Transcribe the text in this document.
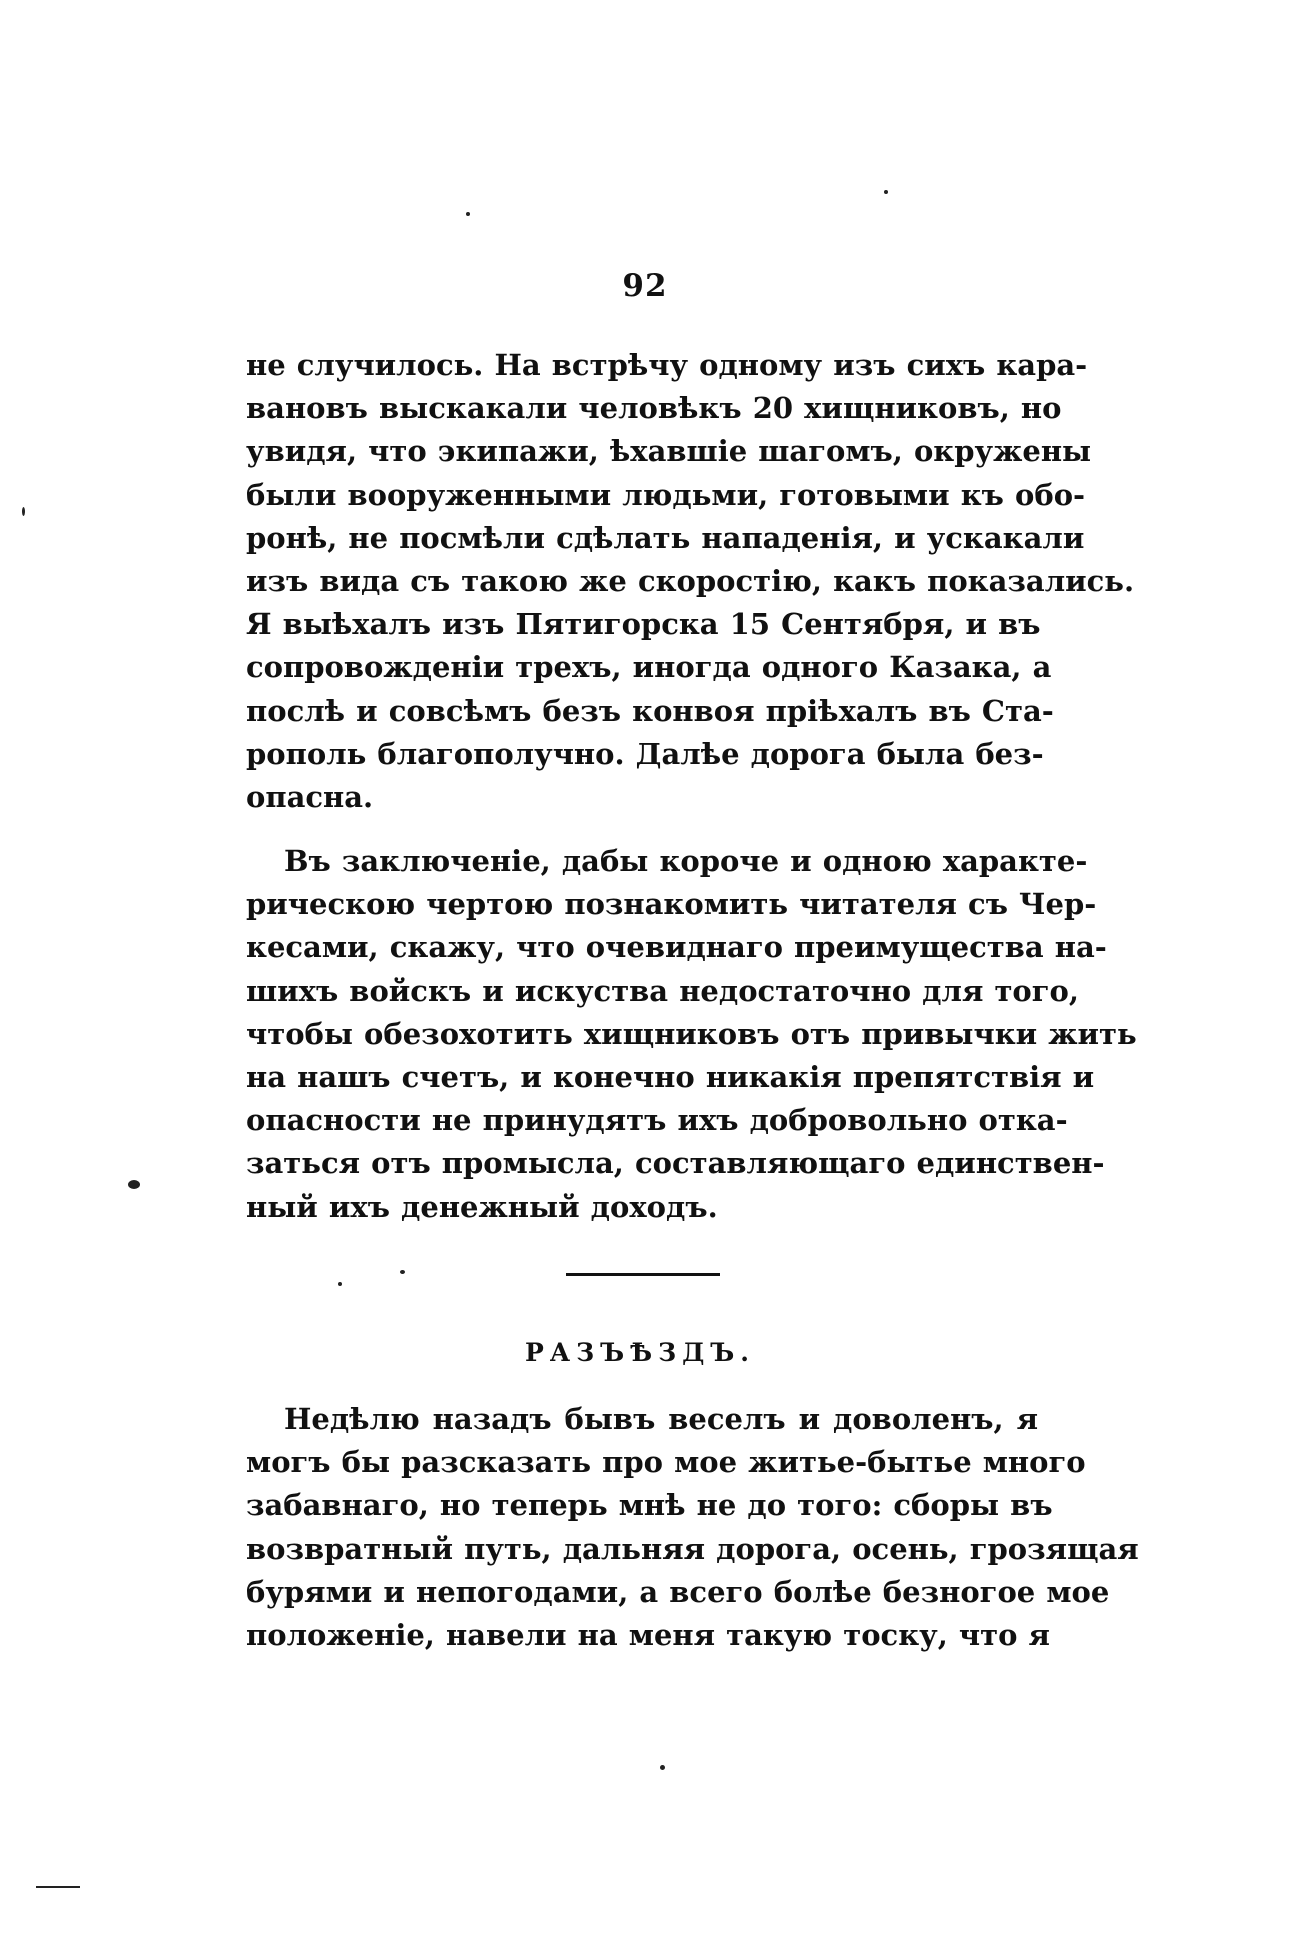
92
не случилось. На встрѣчу одному изъ сихъ кара-
вановъ выскакали человѣкъ 20 хищниковъ, но
увидя, что экипажи, ѣхавшiе шагомъ, окружены
были вооруженными людьми, готовыми къ обо-
ронѣ, не посмѣли сдѣлать нападенiя, и ускакали
изъ вида съ такою же скоростiю, какъ показались.
Я выѣхалъ изъ Пятигорска 15 Сентября, и въ
сопровожденiи трехъ, иногда одного Казака, а
послѣ и совсѣмъ безъ конвоя прiѣхалъ въ Ста-
рополь благополучно. Далѣе дорога была без-
опасна.
Въ заключенiе, дабы короче и одною характе-
рическою чертою познакомить читателя съ Чер-
кесами, скажу, что очевиднаго преимущества на-
шихъ войскъ и искуства недостаточно для того,
чтобы обезохотить хищниковъ отъ привычки жить
на нашъ счетъ, и конечно никакiя препятствiя и
опасности не принудятъ ихъ добровольно отка-
заться отъ промысла, составляющаго единствен-
ный ихъ денежный доходъ.
РАЗЪѢЗДЪ.
Недѣлю назадъ бывъ веселъ и доволенъ, я
могъ бы разсказать про мое житье-бытье много
забавнаго, но теперь мнѣ не до того: сборы въ
возвратный путь, дальняя дорога, осень, грозящая
бурями и непогодами, а всего болѣе безногое мое
положенiе, навели на меня такую тоску, что я
